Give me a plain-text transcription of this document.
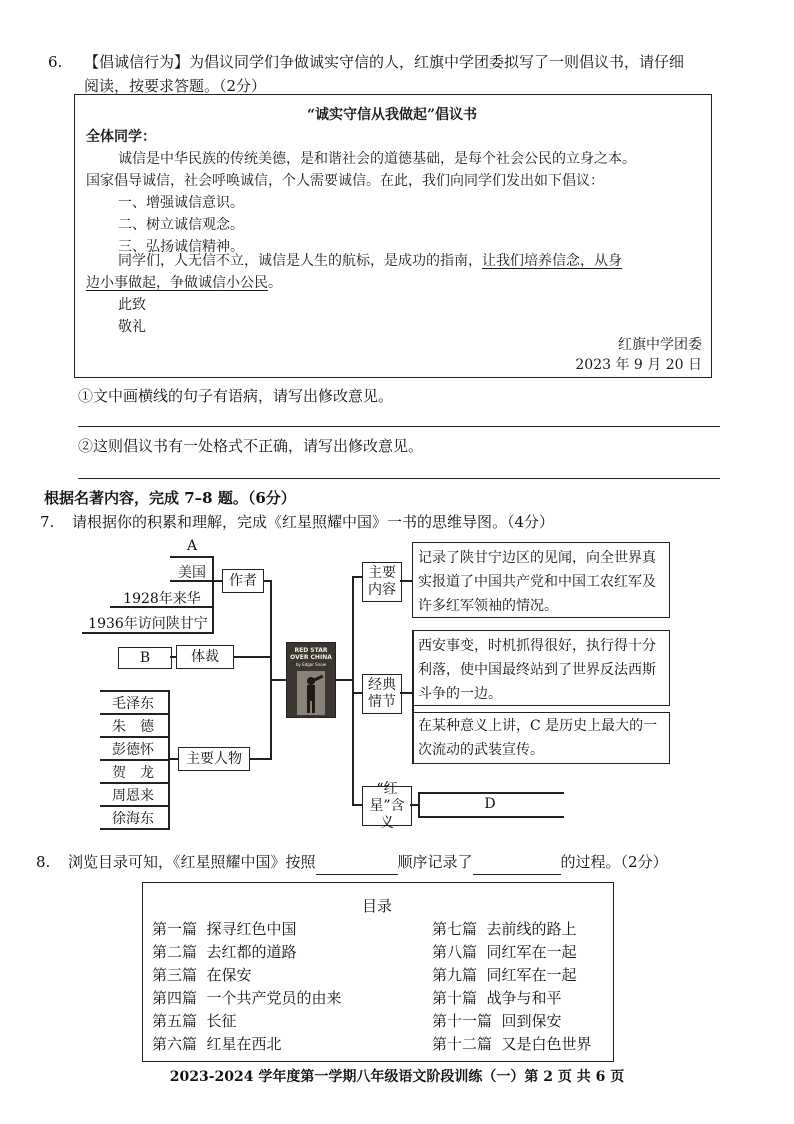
6. 【倡诚信行为】为倡议同学们争做诚实守信的人，红旗中学团委拟写了一则倡议书，请仔细
阅读，按要求答题。（2分）
“诚实守信从我做起”倡议书
全体同学：
诚信是中华民族的传统美德，是和谐社会的道德基础，是每个社会公民的立身之本。
国家倡导诚信，社会呼唤诚信，个人需要诚信。在此，我们向同学们发出如下倡议：
一、增强诚信意识。
二、树立诚信观念。
三、弘扬诚信精神。
同学们，人无信不立，诚信是人生的航标，是成功的指南，让我们培养信念，从身
边小事做起，争做诚信小公民。
此致
敬礼
红旗中学团委
2023 年 9 月 20 日
①文中画横线的句子有语病，请写出修改意见。
②这则倡议书有一处格式不正确，请写出修改意见。
根据名著内容，完成 7–8 题。（6分）
7. 请根据你的积累和理解，完成《红星照耀中国》一书的思维导图。（4分）
A
美国
1928年来华
1936年访问陕甘宁
作者
B	体裁
毛泽东
朱　德
彭德怀
贺　龙
周恩来
徐海东
主要人物
RED STAR
OVER CHINA
by Edgar Snow
主要内容
记录了陕甘宁边区的见闻，向全世界真实报道了中国共产党和中国工农红军及许多红军领袖的情况。
经典情节
西安事变，时机抓得很好，执行得十分利落，使中国最终站到了世界反法西斯斗争的一边。
在某种意义上讲，C 是历史上最大的一次流动的武装宣传。
“红星”含义
D
8. 浏览目录可知，《红星照耀中国》按照	顺序记录了	的过程。（2分）
目录
第一篇  探寻红色中国
第二篇  去红都的道路
第三篇  在保安
第四篇  一个共产党员的由来
第五篇  长征
第六篇  红星在西北
第七篇  去前线的路上
第八篇  同红军在一起
第九篇  同红军在一起
第十篇  战争与和平
第十一篇  回到保安
第十二篇  又是白色世界
2023-2024 学年度第一学期八年级语文阶段训练（一）第 2 页 共 6 页
